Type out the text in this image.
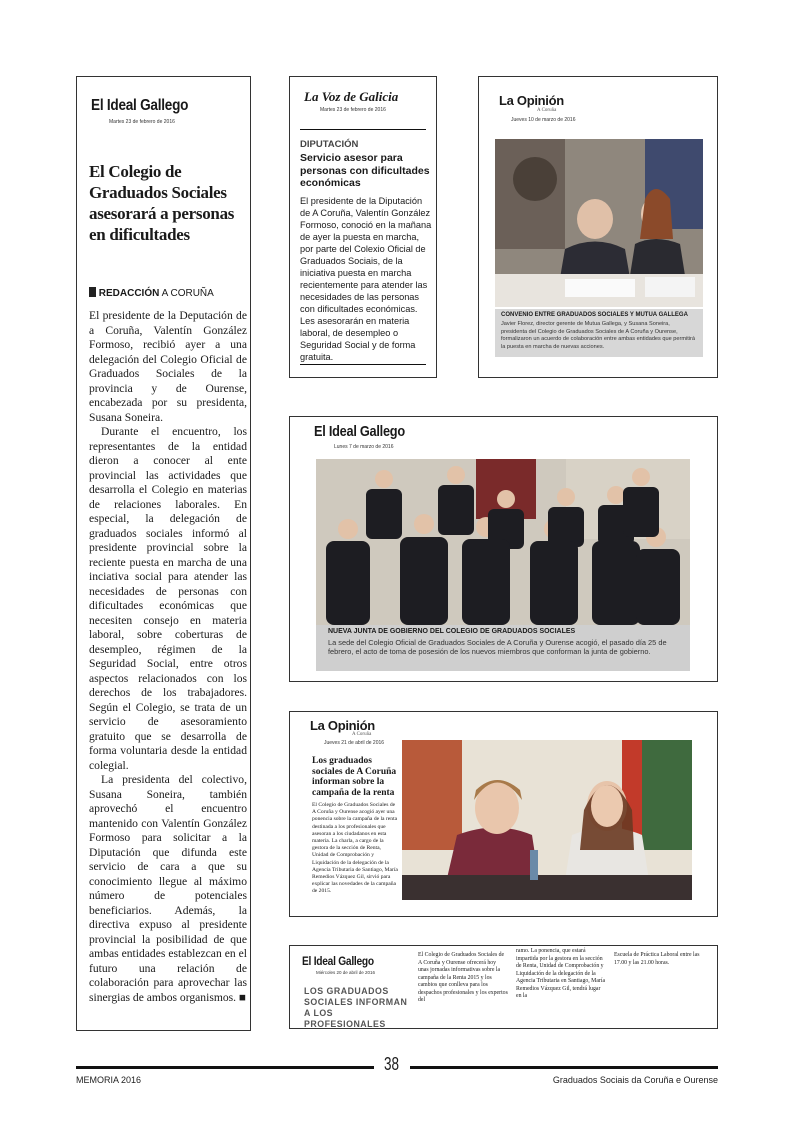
El Ideal Gallego
Martes 23 de febrero de 2016
El Colegio de Graduados Sociales asesorará a personas en dificultades
REDACCIÓN A CORUÑA

El presidente de la Deputación de a Coruña, Valentín González Formoso, recibió ayer a una delegación del Colegio Oficial de Graduados Sociales de la provincia y de Ourense, encabezada por su presidenta, Susana Soneira.

Durante el encuentro, los representantes de la entidad dieron a conocer al ente provincial las actividades que desarrolla el Colegio en materias de relaciones laborales. En especial, la delegación de graduados sociales informó al presidente provincial sobre la reciente puesta en marcha de una inciativa social para atender las necesidades de personas con dificultades económicas que necesiten consejo en materia laboral, sobre coberturas de desempleo, régimen de la Seguridad Social, entre otros aspectos relacionados con los derechos de los trabajadores. Según el Colegio, se trata de un servicio de asesoramiento gratuito que se desarrolla de forma voluntaria desde la entidad colegial.

La presidenta del colectivo, Susana Soneira, también aprovechó el encuentro mantenido con Valentín González Formoso para solicitar a la Diputación que difunda este servicio de cara a que su conocimiento llegue al máximo número de potenciales beneficiarios. Además, la directiva expuso al presidente provincial la posibilidad de que ambas entidades establezcan en el futuro una relación de colaboración para aprovechar las sinergias de ambos organismos. ■

La Voz de Galicia
Martes 23 de febrero de 2016
DIPUTACIÓN
Servicio asesor para personas con dificultades económicas
El presidente de la Diputación de A Coruña, Valentín González Formoso, conoció en la mañana de ayer la puesta en marcha, por parte del Colexio Oficial de Graduados Sociais, de la iniciativa puesta en marcha recientemente para atender las necesidades de las personas con dificultades económicas. Les asesorarán en materia laboral, de desempleo o Seguridad Social y de forma gratuita.
La Opinión
A Coruña
Jueves 10 de marzo de 2016
CONVENIO ENTRE GRADUADOS SOCIALES Y MUTUA GALLEGA
Javier Florez, director gerente de Mutua Gallega, y Susana Soneira, presidenta del Colegio de Graduados Sociales de A Coruña y Ourense, formalizaron un acuerdo de colaboración entre ambas entidades que permitirá la puesta en marcha de nuevas acciones.
El Ideal Gallego
Lunes 7 de marzo de 2016
NUEVA JUNTA DE GOBIERNO DEL COLEGIO DE GRADUADOS SOCIALES
La sede del Colegio Oficial de Graduados Sociales de A Coruña y Ourense acogió, el pasado día 25 de febrero, el acto de toma de posesión de los nuevos miembros que conforman la junta de gobierno.
La Opinión
A Coruña
Jueves 21 de abril de 2016
Los graduados sociales de A Coruña informan sobre la campaña de la renta
El Colegio de Graduados Sociales de A Coruña y Ourense acogió ayer una ponencia sobre la campaña de la renta destinada a los profesionales que asesoran a los ciudadanos en esta materia. La charla, a cargo de la gestora de la sección de Renta, Unidad de Comprobación y Liquidación de la delegación de la Agencia Tributaria de Santiago, María Remedios Vázquez Gil, sirvió para explicar las novedades de la campaña de 2015.
El Ideal Gallego
Miércoles 20 de abril de 2016
LOS GRADUADOS SOCIALES INFORMAN A LOS PROFESIONALES
El Colegio de Graduados Sociales de A Coruña y Ourense ofrecerá hoy unas jornadas informativas sobre la campaña de la Renta 2015 y los cambios que conlleva para los despachos profesionales y los expertos del
ramo. La ponencia, que estará impartida por la gestora en la sección de Renta, Unidad de Comprobación y Liquidación de la delegación de la Agencia Tributaria en Santiago, María Remedios Vázquez Gil, tendrá lugar en la
Escuela de Práctica Laboral entre las 17.00 y las 21.00 horas.
38
MEMORIA 2016	Graduados Sociais da Coruña e Ourense
